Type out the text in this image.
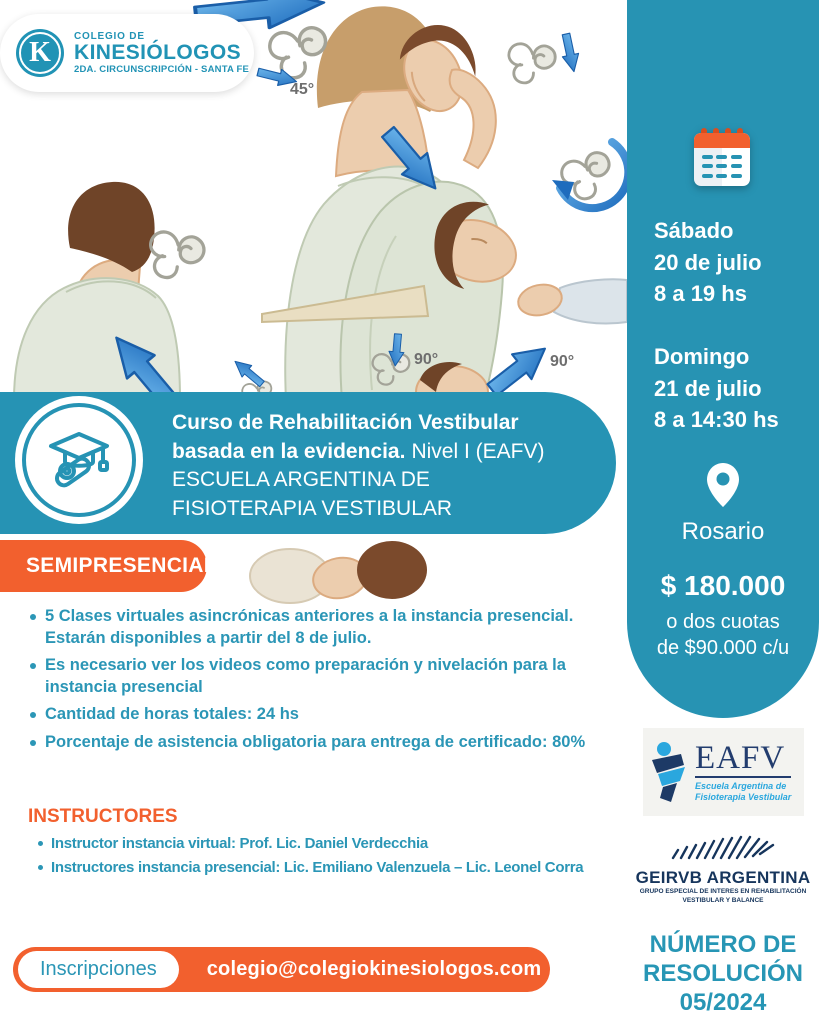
45°
90°	90°
K
COLEGIO DE
KINESIÓLOGOS
2DA. CIRCUNSCRIPCIÓN - SANTA FE
Curso de Rehabilitación Vestibular
basada en la evidencia. Nivel I (EAFV)
ESCUELA ARGENTINA DE
FISIOTERAPIA VESTIBULAR
SEMIPRESENCIAL
5 Clases virtuales asincrónicas anteriores a la instancia presencial. Estarán disponibles a partir del 8 de julio.
Es necesario ver los videos como preparación y nivelación para la instancia presencial
Cantidad de horas totales: 24 hs
Porcentaje de asistencia obligatoria para entrega de certificado: 80%
INSTRUCTORES
Instructor instancia virtual: Prof. Lic. Daniel Verdecchia
Instructores instancia presencial: Lic. Emiliano Valenzuela – Lic. Leonel Corra
Inscripciones	colegio@colegiokinesiologos.com
Sábado
20 de julio
8 a 19 hs
Domingo
21 de julio
8 a 14:30 hs
Rosario
$ 180.000
o dos cuotas
de $90.000 c/u
EAFV
Escuela Argentina de
Fisioterapia Vestibular
GEIRVB ARGENTINA
GRUPO ESPECIAL DE INTERES EN REHABILITACIÓN
VESTIBULAR Y BALANCE
NÚMERO DE
RESOLUCIÓN
05/2024
